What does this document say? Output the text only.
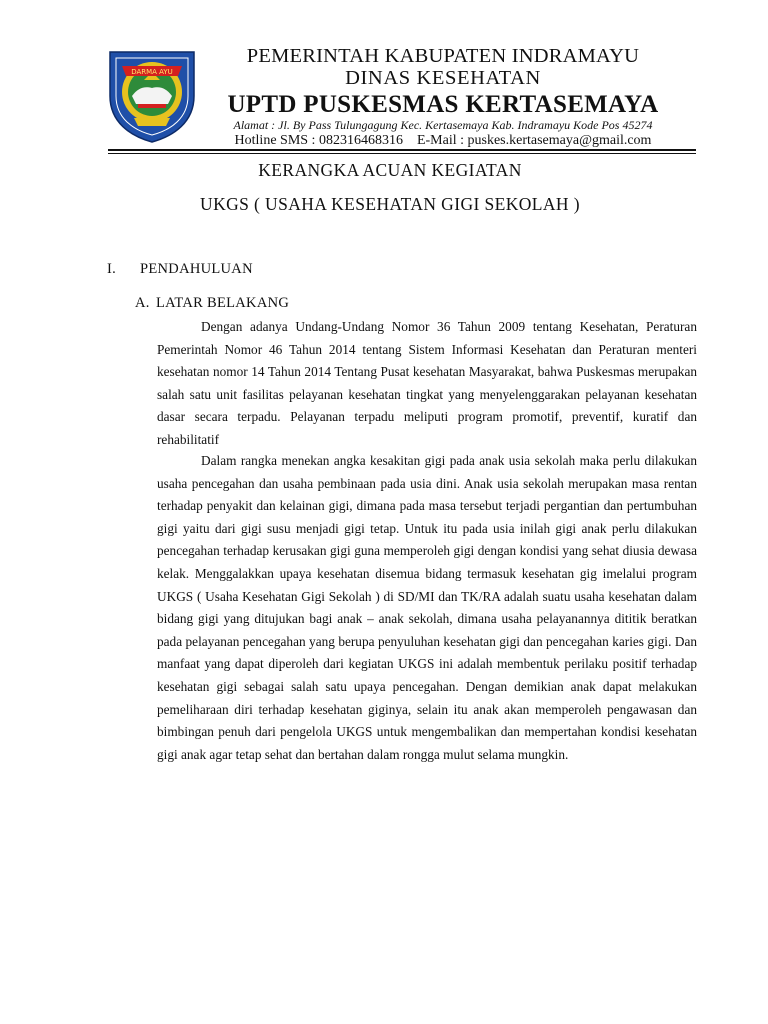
DARMA AYU
PEMERINTAH KABUPATEN INDRAMAYU
DINAS KESEHATAN
UPTD PUSKESMAS KERTASEMAYA
Alamat : Jl. By Pass Tulungagung Kec. Kertasemaya Kab. Indramayu Kode Pos 45274
Hotline SMS : 082316468316 E-Mail : puskes.kertasemaya@gmail.com
KERANGKA ACUAN KEGIATAN
UKGS ( USAHA KESEHATAN GIGI SEKOLAH )
I. PENDAHULUAN
A. LATAR BELAKANG

Dengan adanya Undang-Undang Nomor 36 Tahun 2009 tentang Kesehatan, Peraturan Pemerintah Nomor 46 Tahun 2014 tentang Sistem Informasi Kesehatan dan Peraturan menteri kesehatan nomor 14 Tahun 2014 Tentang Pusat kesehatan Masyarakat, bahwa Puskesmas merupakan salah satu unit fasilitas pelayanan kesehatan tingkat yang menyelenggarakan pelayanan kesehatan dasar secara terpadu. Pelayanan terpadu meliputi program promotif, preventif, kuratif dan rehabilitatif

Dalam rangka menekan angka kesakitan gigi pada anak usia sekolah maka perlu dilakukan usaha pencegahan dan usaha pembinaan pada usia dini. Anak usia sekolah merupakan masa rentan terhadap penyakit dan kelainan gigi, dimana pada masa tersebut terjadi pergantian dan pertumbuhan gigi yaitu dari gigi susu menjadi gigi tetap. Untuk itu pada usia inilah gigi anak perlu dilakukan pencegahan terhadap kerusakan gigi guna memperoleh gigi dengan kondisi yang sehat diusia dewasa kelak. Menggalakkan upaya kesehatan disemua bidang termasuk kesehatan gig imelalui program UKGS ( Usaha Kesehatan Gigi Sekolah ) di SD/MI dan TK/RA adalah suatu usaha kesehatan dalam bidang gigi yang ditujukan bagi anak – anak sekolah, dimana usaha pelayanannya dititik beratkan pada pelayanan pencegahan yang berupa penyuluhan kesehatan gigi dan pencegahan karies gigi. Dan manfaat yang dapat diperoleh dari kegiatan UKGS ini adalah membentuk perilaku positif terhadap kesehatan gigi sebagai salah satu upaya pencegahan. Dengan demikian anak dapat melakukan pemeliharaan diri terhadap kesehatan giginya, selain itu anak akan memperoleh pengawasan dan bimbingan penuh dari pengelola UKGS untuk mengembalikan dan mempertahan kondisi kesehatan gigi anak agar tetap sehat dan bertahan dalam rongga mulut selama mungkin.
